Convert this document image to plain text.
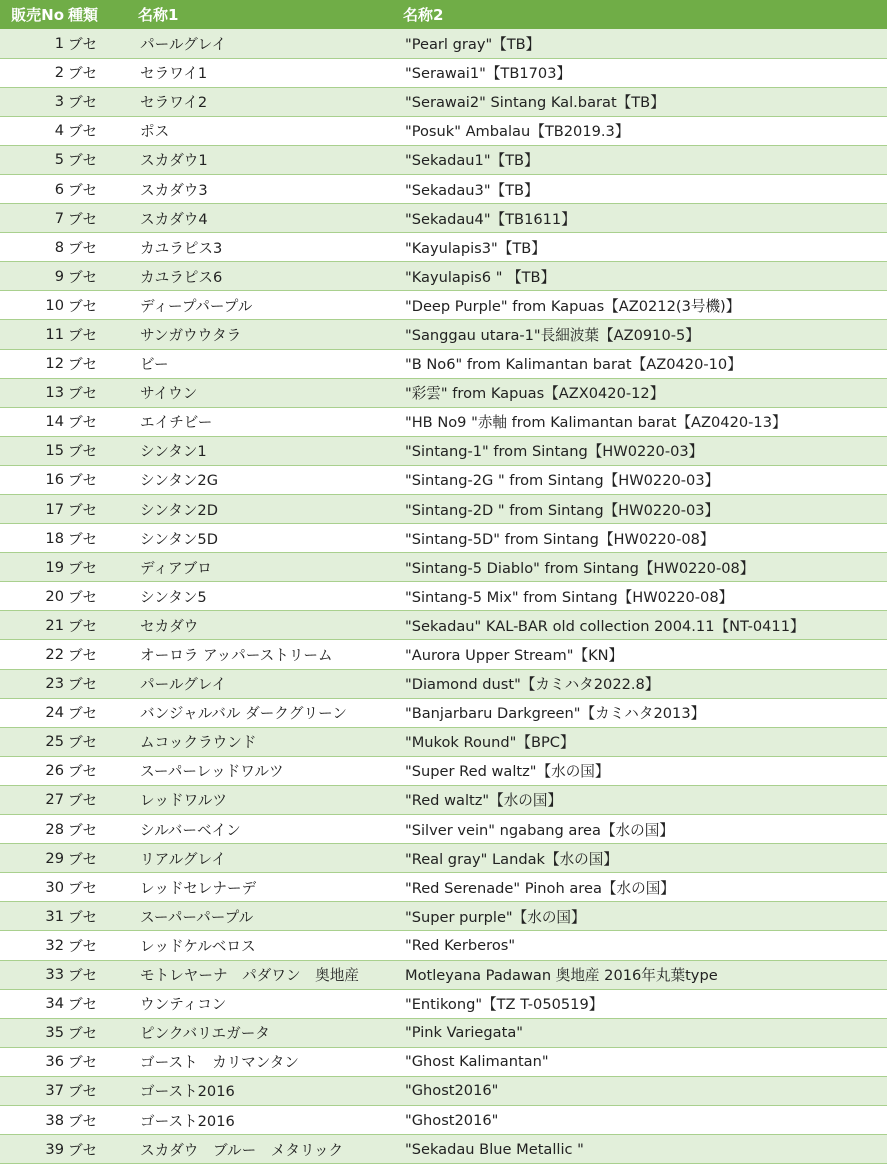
販売No	種類	名称1	名称2
1	ブセ	パールグレイ	"Pearl gray"【TB】
2	ブセ	セラワイ1	"Serawai1"【TB1703】
3	ブセ	セラワイ2	"Serawai2" Sintang Kal.barat【TB】
4	ブセ	ポス	"Posuk" Ambalau【TB2019.3】
5	ブセ	スカダウ1	"Sekadau1"【TB】
6	ブセ	スカダウ3	"Sekadau3"【TB】
7	ブセ	スカダウ4	"Sekadau4"【TB1611】
8	ブセ	カユラピス3	"Kayulapis3"【TB】
9	ブセ	カユラピス6	"Kayulapis6 " 【TB】
10	ブセ	ディープパープル	"Deep Purple" from Kapuas【AZ0212(3号機)】
11	ブセ	サンガウウタラ	"Sanggau utara-1"長細波葉【AZ0910-5】
12	ブセ	ビー	"B No6" from Kalimantan barat【AZ0420-10】
13	ブセ	サイウン	"彩雲" from Kapuas【AZX0420-12】
14	ブセ	エイチビー	"HB No9 "赤軸 from Kalimantan barat【AZ0420-13】
15	ブセ	シンタン1	"Sintang-1" from Sintang【HW0220-03】
16	ブセ	シンタン2G	"Sintang-2G " from Sintang【HW0220-03】
17	ブセ	シンタン2D	"Sintang-2D " from Sintang【HW0220-03】
18	ブセ	シンタン5D	"Sintang-5D" from Sintang【HW0220-08】
19	ブセ	ディアブロ	"Sintang-5 Diablo" from Sintang【HW0220-08】
20	ブセ	シンタン5	"Sintang-5 Mix" from Sintang【HW0220-08】
21	ブセ	セカダウ	"Sekadau" KAL-BAR old collection 2004.11【NT-0411】
22	ブセ	オーロラ アッパーストリーム	"Aurora Upper Stream"【KN】
23	ブセ	パールグレイ	"Diamond dust"【カミハタ2022.8】
24	ブセ	バンジャルバル ダークグリーン	"Banjarbaru Darkgreen"【カミハタ2013】
25	ブセ	ムコックラウンド	"Mukok Round"【BPC】
26	ブセ	スーパーレッドワルツ	"Super Red waltz"【水の国】
27	ブセ	レッドワルツ	"Red waltz"【水の国】
28	ブセ	シルバーベイン	"Silver vein" ngabang area【水の国】
29	ブセ	リアルグレイ	"Real gray" Landak【水の国】
30	ブセ	レッドセレナーデ	"Red Serenade" Pinoh area【水の国】
31	ブセ	スーパーパープル	"Super purple"【水の国】
32	ブセ	レッドケルベロス	"Red Kerberos"
33	ブセ	モトレヤーナ　パダワン　奥地産	Motleyana Padawan 奥地産 2016年丸葉type
34	ブセ	ウンティコン	"Entikong"【TZ T-050519】
35	ブセ	ピンクバリエガータ	"Pink Variegata"
36	ブセ	ゴースト　カリマンタン	"Ghost Kalimantan"
37	ブセ	ゴースト2016	"Ghost2016"
38	ブセ	ゴースト2016	"Ghost2016"
39	ブセ	スカダウ　ブルー　メタリック	"Sekadau Blue Metallic "
